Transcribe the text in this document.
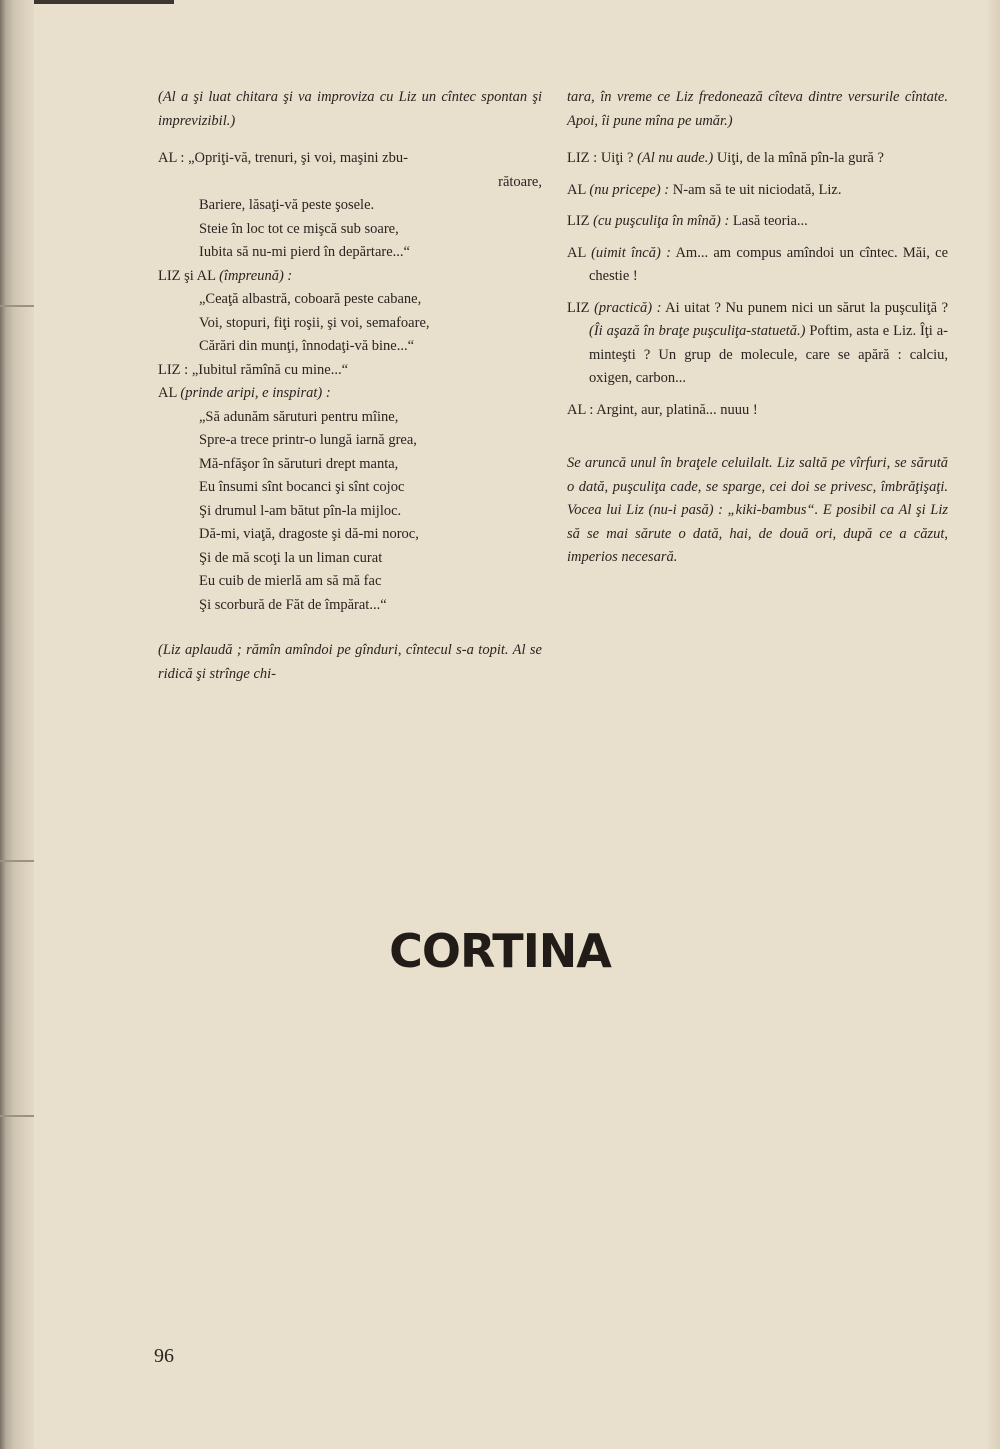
(Al a şi luat chitara şi va improviza cu Liz un cîntec spontan şi imprevizibil.)

AL : „Opriţi-vă, trenuri, şi voi, maşini zbu-

rătoare,

Bariere, lăsaţi-vă peste şosele.

Steie în loc tot ce mişcă sub soare,

Iubita să nu-mi pierd în depărtare...“

LIZ şi AL (împreună) :

„Ceaţă albastră, coboară peste cabane,

Voi, stopuri, fiţi roşii, şi voi, semafoare,

Cărări din munţi, înnodaţi-vă bine...“

LIZ : „Iubitul rămînă cu mine...“

AL (prinde aripi, e inspirat) :

„Să adunăm săruturi pentru mîine,

Spre-a trece printr-o lungă iarnă grea,

Mă-nfăşor în săruturi drept manta,

Eu însumi sînt bocanci şi sînt cojoc

Şi drumul l-am bătut pîn-la mijloc.

Dă-mi, viaţă, dragoste şi dă-mi noroc,

Şi de mă scoţi la un liman curat

Eu cuib de mierlă am să mă fac

Şi scorbură de Făt de împărat...“

(Liz aplaudă ; rămîn amîndoi pe gînduri, cîntecul s-a topit. Al se ridică şi strînge chi-

tara, în vreme ce Liz fredonează cîteva dintre versurile cîntate. Apoi, îi pune mîna pe umăr.)

LIZ : Uiţi ? (Al nu aude.) Uiţi, de la mînă pîn-la gură ?

AL (nu pricepe) : N-am să te uit niciodată, Liz.

LIZ (cu puşculiţa în mînă) : Lasă teoria...

AL (uimit încă) : Am... am compus amîndoi un cîntec. Măi, ce chestie !

LIZ (practică) : Ai uitat ? Nu punem nici un sărut la puşculiţă ? (Îi aşază în braţe puşculiţa-statuetă.) Poftim, asta e Liz. Îţi aminteşti ? Un grup de molecule, care se apără : calciu, oxigen, carbon...

AL : Argint, aur, platină... nuuu !

Se aruncă unul în braţele celuilalt. Liz saltă pe vîrfuri, se sărută o dată, puşculiţa cade, se sparge, cei doi se privesc, îmbrăţişaţi. Vocea lui Liz (nu-i pasă) : „kiki-bambus“. E posibil ca Al şi Liz să se mai sărute o dată, hai, de două ori, după ce a căzut, imperios necesară.

CORTINA
96
